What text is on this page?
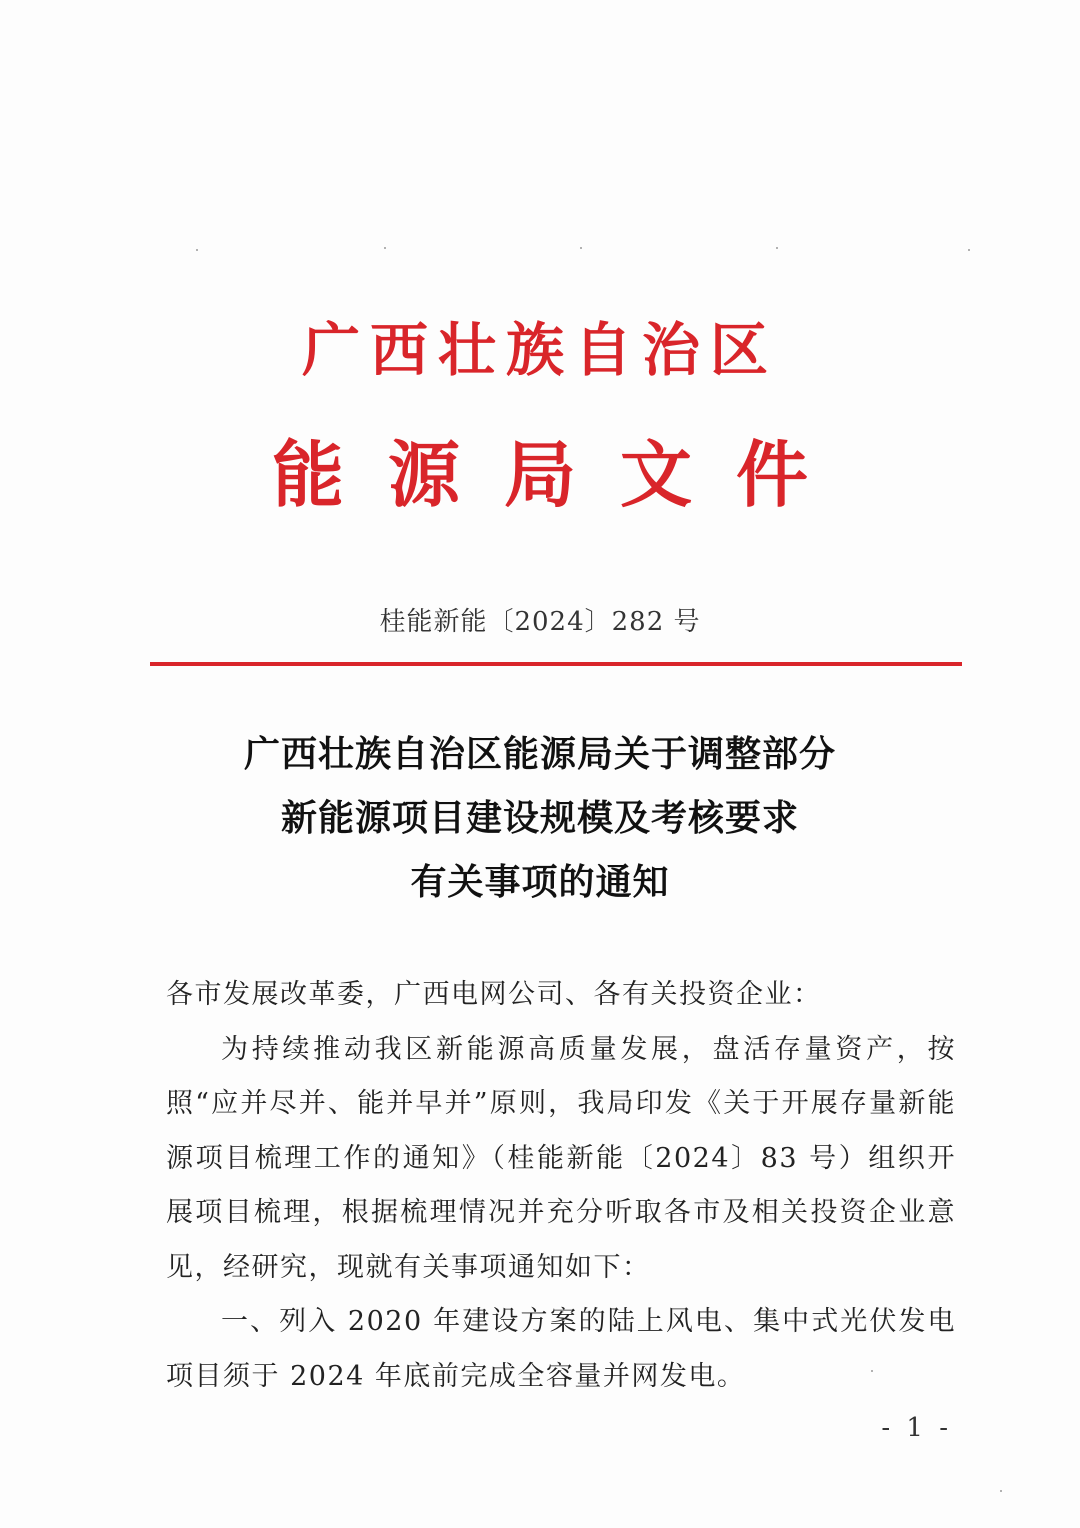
广西壮族自治区
能源局文件
桂能新能〔2024〕282 号
广西壮族自治区能源局关于调整部分
新能源项目建设规模及考核要求
有关事项的通知

各市发展改革委，广西电网公司、各有关投资企业：

为持续推动我区新能源高质量发展，盘活存量资产，按照“应并尽并、能并早并”原则，我局印发《关于开展存量新能源项目梳理工作的通知》（桂能新能〔2024〕83 号）组织开展项目梳理，根据梳理情况并充分听取各市及相关投资企业意见，经研究，现就有关事项通知如下：

一、列入 2020 年建设方案的陆上风电、集中式光伏发电项目须于 2024 年底前完成全容量并网发电。

- 1 -
